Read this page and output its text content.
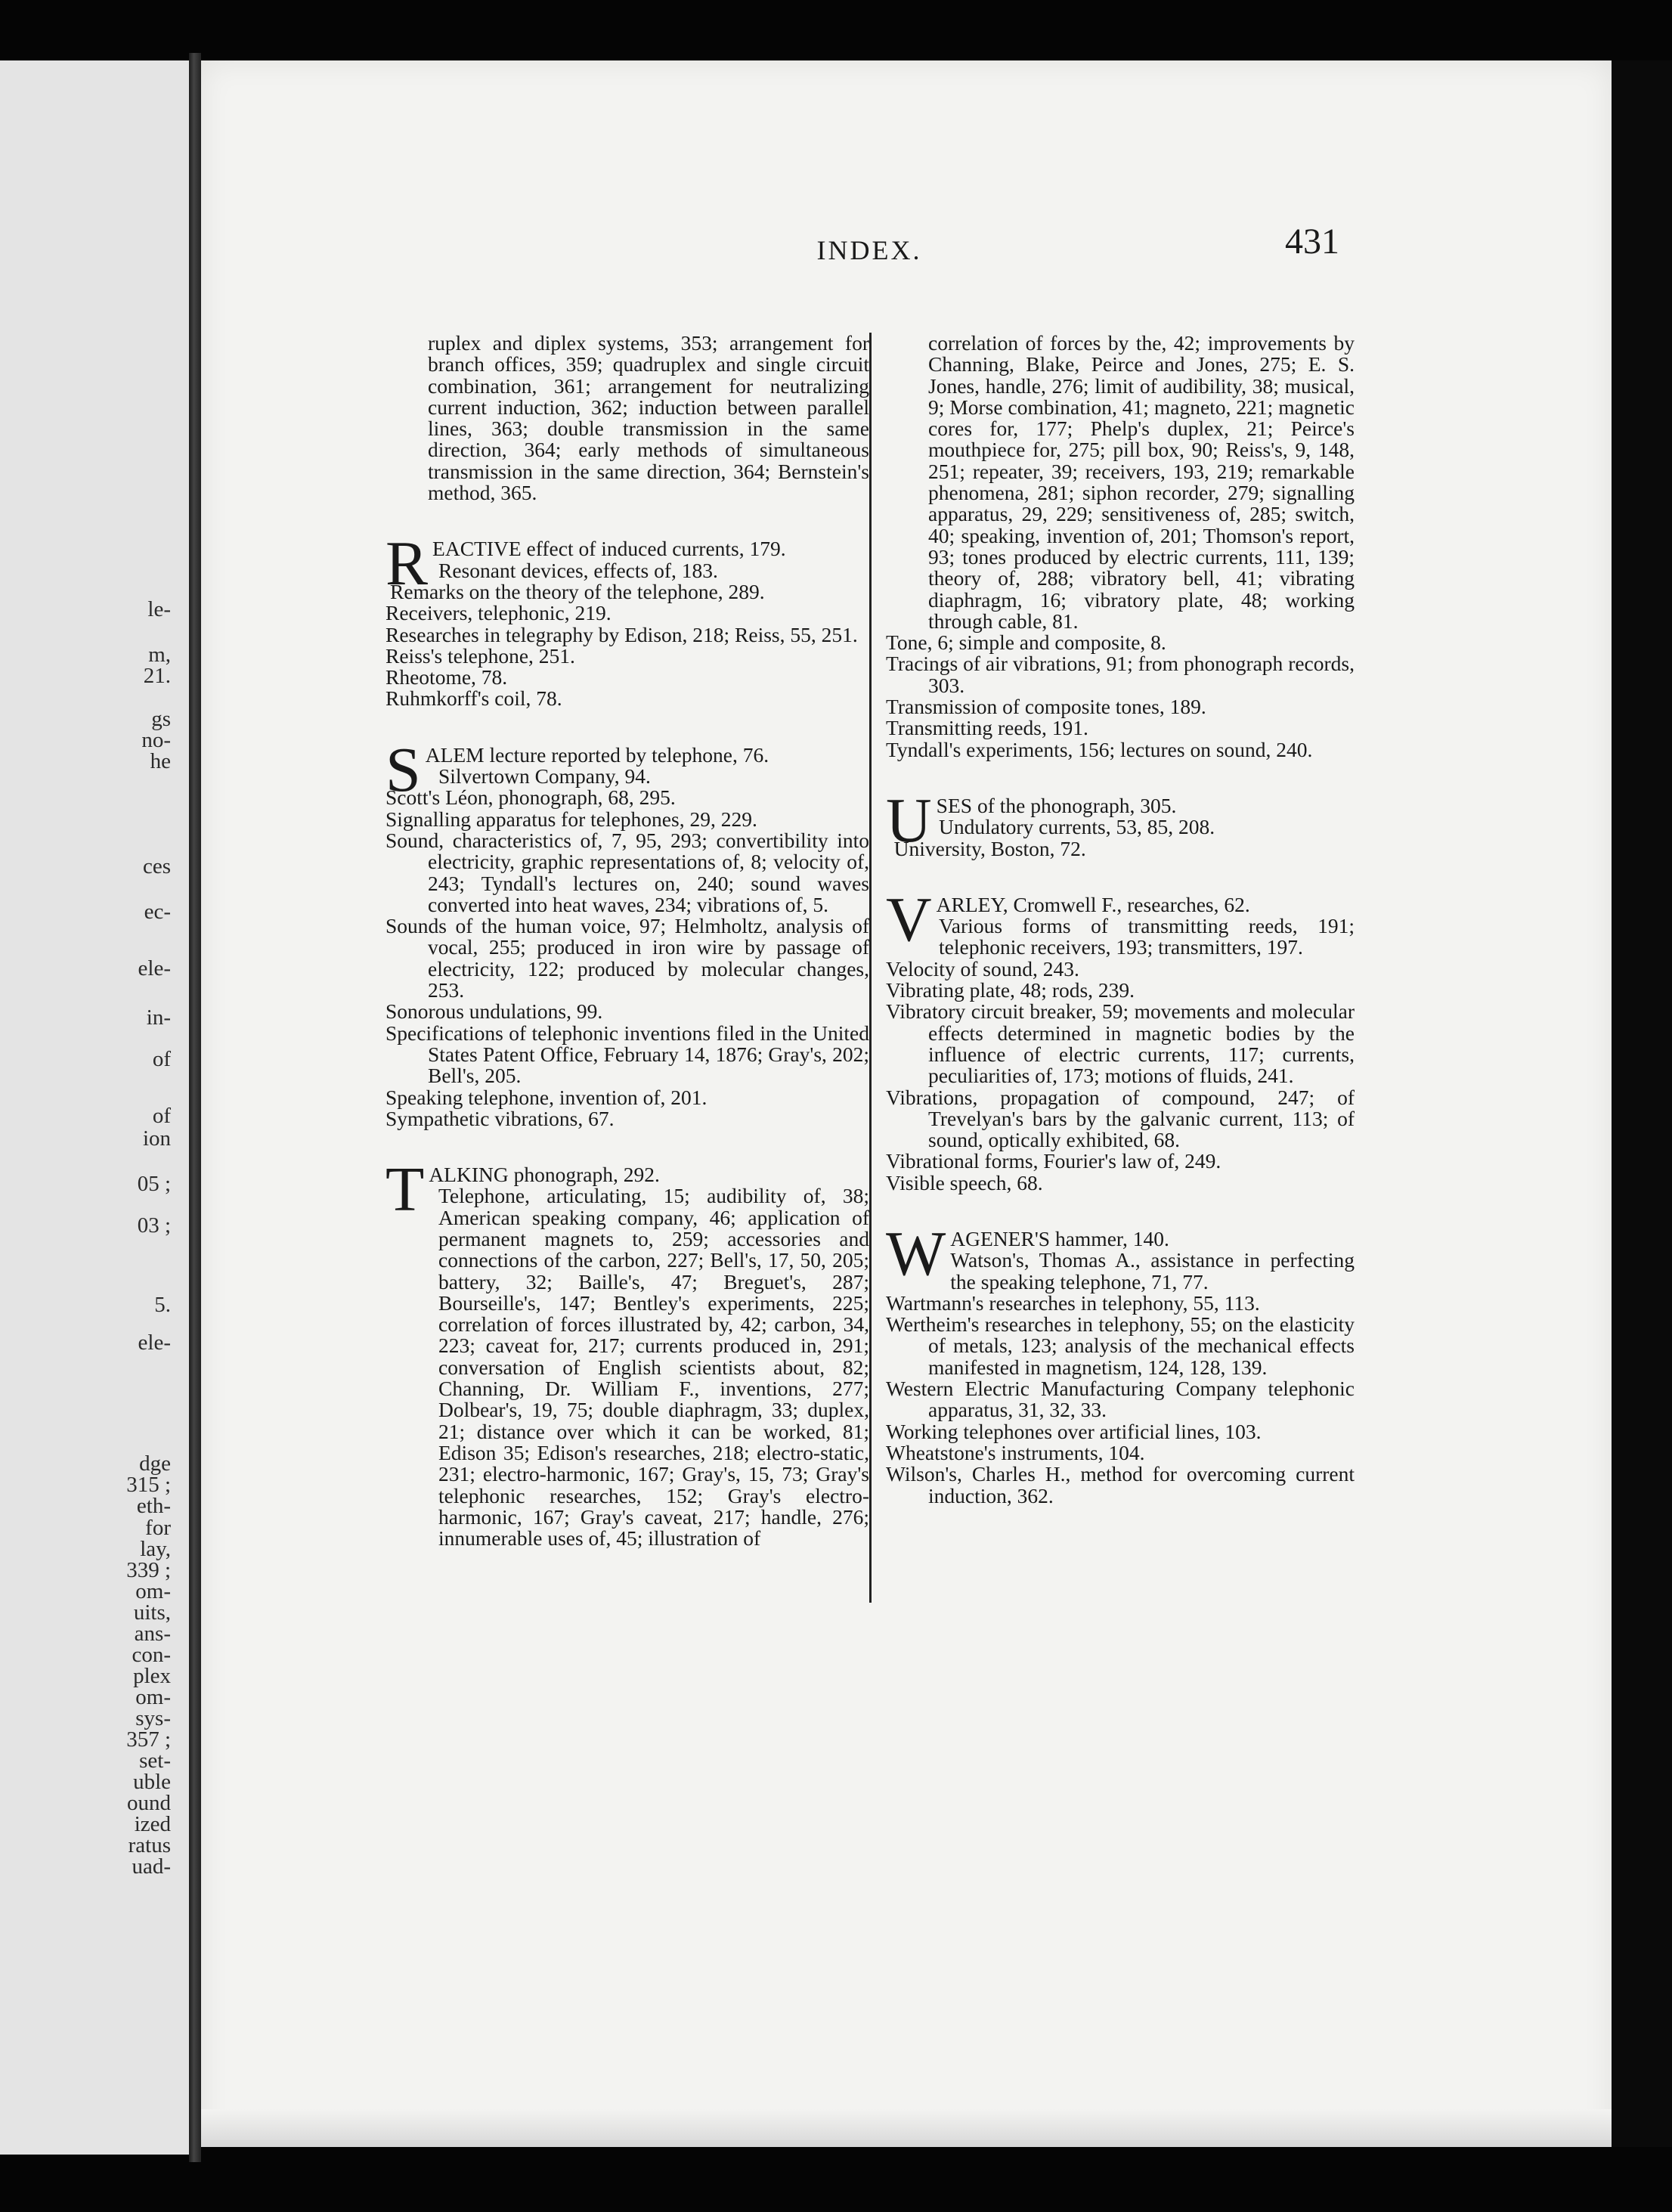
le-
m,
21.
gs
no-
he
ces
ec-
ele-
in-
of
of
ion
05 ;
03 ;
5.
ele-
dge
315 ;
eth-
for
lay,
339 ;
om-
uits,
ans-
con-
plex
om-
sys-
357 ;
set-
uble
ound
ized
ratus
uad-
INDEX.	431

ruplex and diplex systems, 353; arrangement for branch offices, 359; quadruplex and single circuit combination, 361; arrangement for neutralizing current induction, 362; induction between parallel lines, 363; double transmission in the same direction, 364; early methods of simultaneous transmission in the same direction, 364; Bernstein's method, 365.

REACTIVE effect of induced currents, 179.

Resonant devices, effects of, 183.

Remarks on the theory of the telephone, 289.

Receivers, telephonic, 219.

Researches in telegraphy by Edison, 218; Reiss, 55, 251.

Reiss's telephone, 251.

Rheotome, 78.

Ruhmkorff's coil, 78.

SALEM lecture reported by telephone, 76.

Silvertown Company, 94.

Scott's Léon, phonograph, 68, 295.

Signalling apparatus for telephones, 29, 229.

Sound, characteristics of, 7, 95, 293; convertibility into electricity, graphic representations of, 8; velocity of, 243; Tyndall's lectures on, 240; sound waves converted into heat waves, 234; vibrations of, 5.

Sounds of the human voice, 97; Helmholtz, analysis of vocal, 255; produced in iron wire by passage of electricity, 122; produced by molecular changes, 253.

Sonorous undulations, 99.

Specifications of telephonic inventions filed in the United States Patent Office, February 14, 1876; Gray's, 202; Bell's, 205.

Speaking telephone, invention of, 201.

Sympathetic vibrations, 67.

TALKING phonograph, 292.

Telephone, articulating, 15; audibility of, 38; American speaking company, 46; application of permanent magnets to, 259; accessories and connections of the carbon, 227; Bell's, 17, 50, 205; battery, 32; Baille's, 47; Breguet's, 287; Bourseille's, 147; Bentley's experiments, 225; correlation of forces illustrated by, 42; carbon, 34, 223; caveat for, 217; currents produced in, 291; conversation of English scientists about, 82; Channing, Dr. William F., inventions, 277; Dolbear's, 19, 75; double diaphragm, 33; duplex, 21; distance over which it can be worked, 81; Edison 35; Edison's researches, 218; electro-static, 231; electro-harmonic, 167; Gray's, 15, 73; Gray's telephonic researches, 152; Gray's electro-harmonic, 167; Gray's caveat, 217; handle, 276; innumerable uses of, 45; illustration of

correlation of forces by the, 42; improvements by Channing, Blake, Peirce and Jones, 275; E. S. Jones, handle, 276; limit of audibility, 38; musical, 9; Morse combination, 41; magneto, 221; magnetic cores for, 177; Phelp's duplex, 21; Peirce's mouthpiece for, 275; pill box, 90; Reiss's, 9, 148, 251; repeater, 39; receivers, 193, 219; remarkable phenomena, 281; siphon recorder, 279; signalling apparatus, 29, 229; sensitiveness of, 285; switch, 40; speaking, invention of, 201; Thomson's report, 93; tones produced by electric currents, 111, 139; theory of, 288; vibratory bell, 41; vibrating diaphragm, 16; vibratory plate, 48; working through cable, 81.

Tone, 6; simple and composite, 8.

Tracings of air vibrations, 91; from phonograph records, 303.

Transmission of composite tones, 189.

Transmitting reeds, 191.

Tyndall's experiments, 156; lectures on sound, 240.

USES of the phonograph, 305.

Undulatory currents, 53, 85, 208.

University, Boston, 72.

VARLEY, Cromwell F., researches, 62.

Various forms of transmitting reeds, 191; telephonic receivers, 193; transmitters, 197.

Velocity of sound, 243.

Vibrating plate, 48; rods, 239.

Vibratory circuit breaker, 59; movements and molecular effects determined in magnetic bodies by the influence of electric currents, 117; currents, peculiarities of, 173; motions of fluids, 241.

Vibrations, propagation of compound, 247; of Trevelyan's bars by the galvanic current, 113; of sound, optically exhibited, 68.

Vibrational forms, Fourier's law of, 249.

Visible speech, 68.

WAGENER'S hammer, 140.

Watson's, Thomas A., assistance in perfecting the speaking telephone, 71, 77.

Wartmann's researches in telephony, 55, 113.

Wertheim's researches in telephony, 55; on the elasticity of metals, 123; analysis of the mechanical effects manifested in magnetism, 124, 128, 139.

Western Electric Manufacturing Company telephonic apparatus, 31, 32, 33.

Working telephones over artificial lines, 103.

Wheatstone's instruments, 104.

Wilson's, Charles H., method for overcoming current induction, 362.
